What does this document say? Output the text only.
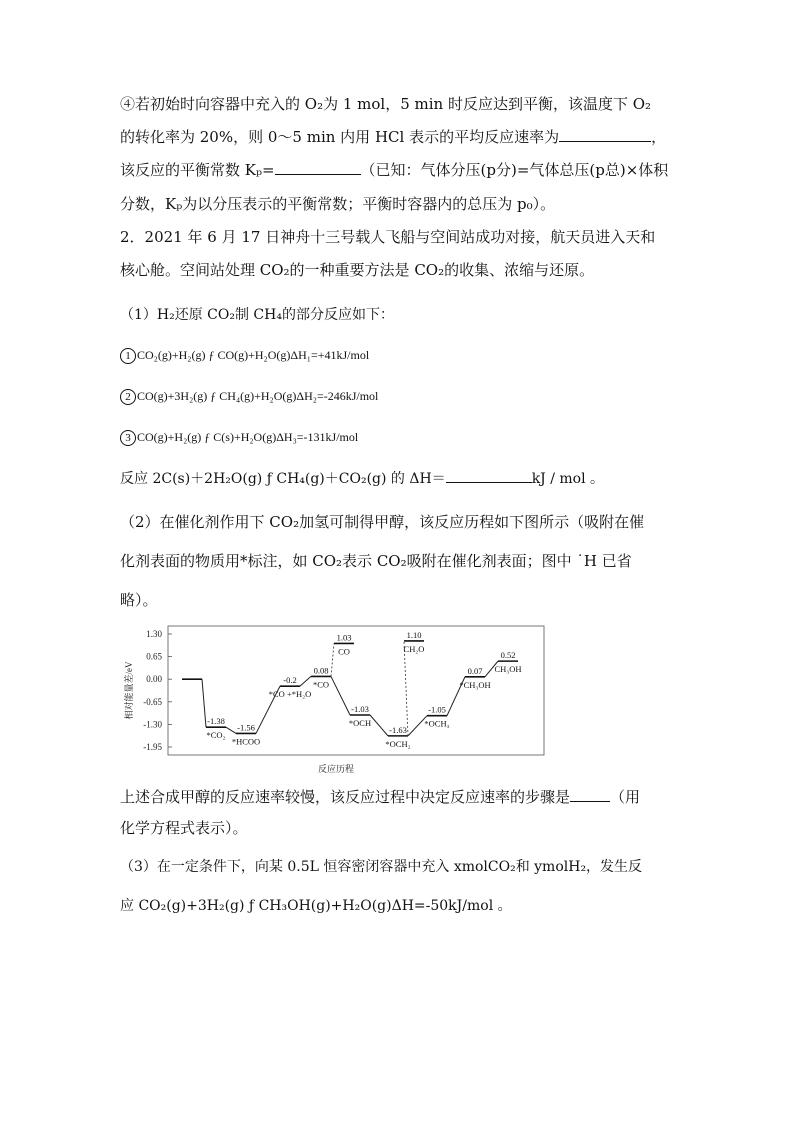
④若初始时向容器中充入的 O₂为 1 mol，5 min 时反应达到平衡，该温度下 O₂
的转化率为 20%，则 0～5 min 内用 HCl 表示的平均反应速率为	，
该反应的平衡常数 Kₚ=	（已知：气体分压(p分)=气体总压(p总)×体积
分数，Kₚ为以分压表示的平衡常数；平衡时容器内的总压为 p₀）。
2．2021 年 6 月 17 日神舟十三号载人飞船与空间站成功对接，航天员进入天和
核心舱。空间站处理 CO₂的一种重要方法是 CO₂的收集、浓缩与还原。
（1）H₂还原 CO₂制 CH₄的部分反应如下：
1 CO₂(g)+H₂(g) ƒ CO(g)+H₂O(g)ΔH₁=+41kJ/mol
2 CO(g)+3H₂(g) ƒ CH₄(g)+H₂O(g)ΔH₂=-246kJ/mol
3 CO(g)+H₂(g) ƒ C(s)+H₂O(g)ΔH₃=-131kJ/mol
反应 2C(s)＋2H₂O(g) ƒ CH₄(g)＋CO₂(g) 的 ΔH＝	kJ / mol 。
（2）在催化剂作用下 CO₂加氢可制得甲醇，该反应历程如下图所示（吸附在催
化剂表面的物质用*标注，如 CO₂表示 CO₂吸附在催化剂表面；图中 ˙H 已省
略）。
1.30
0.65
0.00
-0.65
-1.30
-1.95
相对能量差/eV
反应历程
-1.38
*CO₂
-1.56
*HCOO
-0.2
*CO +*H₂O
0.08
*CO
-1.03
*OCH
-1.63
*OCH₂
-1.05
*OCH₃
0.07
*CH₃OH
0.52
CH₃OH
1.03
CO
1.10
CH₂O
上述合成甲醇的反应速率较慢，该反应过程中决定反应速率的步骤是	（用
化学方程式表示）。
（3）在一定条件下，向某 0.5L 恒容密闭容器中充入 xmolCO₂和 ymolH₂，发生反
应 CO₂(g)+3H₂(g) ƒ CH₃OH(g)+H₂O(g)ΔH=-50kJ/mol 。
